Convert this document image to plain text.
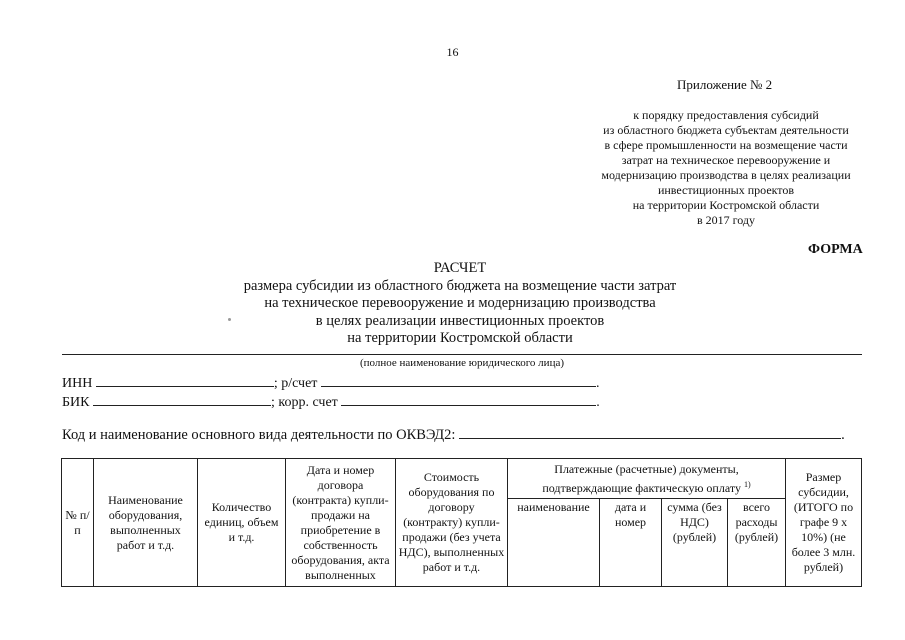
16
Приложение № 2
к порядку предоставления субсидий
из областного бюджета субъектам деятельности
в сфере промышленности на возмещение части
затрат на техническое перевооружение и
модернизацию производства в целях реализации
инвестиционных проектов
на территории Костромской области
в 2017 году
ФОРМА
РАСЧЕТ
размера субсидии из областного бюджета на возмещение части затрат
на техническое перевооружение и модернизацию производства
в целях реализации инвестиционных проектов
на территории Костромской области
(полное наименование юридического лица)
ИНН	; р/счет	.
БИК	; корр. счет	.
Код и наименование основного вида деятельности по ОКВЭД2:	.
№ п/п	Наименование оборудования, выполненных работ и т.д.	Количество единиц, объем и т.д.	Дата и номер договора (контракта) купли-продажи на приобретение в собственность оборудования, акта выполненных	Стоимость оборудования по договору (контракту) купли-продажи (без учета НДС), выполненных работ и т.д.	Платежные (расчетные) документы, подтверждающие фактическую оплату $^{1)}$				Размер субсидии, (ИТОГО по графе 9 x 10%) (не более 3 млн. рублей)
					наименование	дата и номер	сумма (без НДС) (рублей)	всего расходы (рублей)	
